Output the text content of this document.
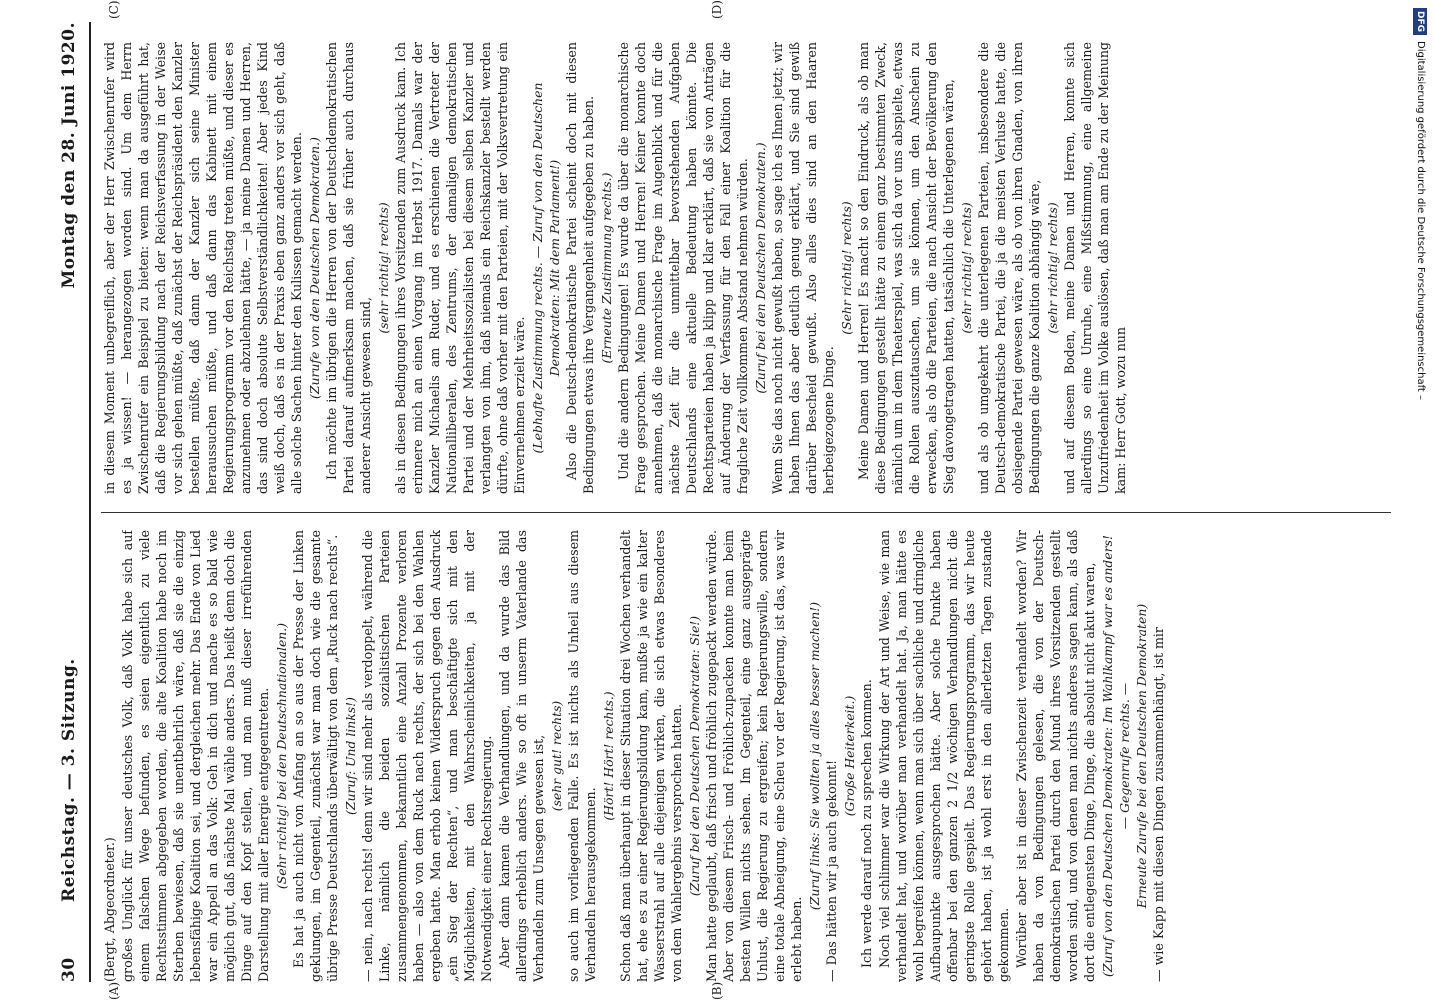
30
Reichstag. — 3. Sitzung.
Montag den 28. Juni 1920.
(A)	(B)
(C)	(D)

(Bergt, Abgeordneter.) großes Unglück für unser deutsches Volk, daß Volk habe sich auf einem falschen Wege befunden, es seien eigentlich zu viele Rechtsstimmen abgegeben worden, die alte Koalition habe noch im Sterben bewiesen, daß sie unentbehrlich wäre, daß sie die einzig lebensfähige Koalition sei, und dergleichen mehr. Das Ende von Lied war ein Appell an das Volk: Geh in dich und mache es so bald wie möglich gut, daß nächste Mal wähle anders. Das heißt denn doch die Dinge auf den Kopf stellen, und man muß dieser irreführenden Darstellung mit aller Energie entgegentreten. (Sehr richtig! bei den Deutschnationalen.) Es hat ja auch nicht von Anfang an so aus der Presse der Linken geklungen, im Gegenteil, zunächst war man doch wie die gesamte übrige Presse Deutschlands überwältigt von dem „Ruck nach rechts“. (Zuruf: Und links!) — nein, nach rechts! denn wir sind mehr als verdoppelt, während die Linke, nämlich die beiden sozialistischen Parteien zusammengenommen, bekanntlich eine Anzahl Prozente verloren haben — also von dem Ruck nach rechts, der sich bei den Wahlen ergeben hatte. Man erhob keinen Widerspruch gegen den Ausdruck „ein Sieg der Rechten“, und man beschäftigte sich mit den Möglichkeiten, mit den Wahrscheinlichkeiten, ja mit der Notwendigkeit einer Rechtsregierung. Aber dann kamen die Verhandlungen, und da wurde das Bild allerdings erheblich anders. Wie so oft in unserm Vaterlande das Verhandeln zum Unsegen gewesen ist, (sehr gut! rechts) so auch im vorliegenden Falle. Es ist nichts als Unheil aus diesem Verhandeln herausgekommen.

(Hört! Hört! rechts.) Schon daß man überhaupt in dieser Situation drei Wochen verhandelt hat, ehe es zu einer Regierungsbildung kam, mußte ja wie ein kalter Wasserstrahl auf alle diejenigen wirken, die sich etwas Besonderes von dem Wahlergebnis versprochen hatten. (Zuruf bei den Deutschen Demokraten: Sie!) Man hatte geglaubt, daß frisch und fröhlich zugepackt werden würde. Aber von diesem Frisch- und Fröhlich-zupacken konnte man beim besten Willen nichts sehen. Im Gegenteil, eine ganz ausgeprägte Unlust, die Regierung zu ergreifen; kein Regierungswille, sondern eine totale Abneigung, eine Scheu vor der Regierung, ist das, was wir erlebt haben.

(Zuruf links: Sie wollten ja alles besser machen!) — Das hätten wir ja auch gekonnt!

(Große Heiterkeit.) Ich werde darauf noch zu sprechen kommen. Noch viel schlimmer war die Wirkung der Art und Weise, wie man verhandelt hat, und worüber man verhandelt hat. Ja, man hätte es wohl begreifen können, wenn man sich über sachliche und dringliche Aufbaupunkte ausgesprochen hätte. Aber solche Punkte haben offenbar bei den ganzen 2 1/2 wöchigen Verhandlungen nicht die geringste Rolle gespielt. Das Regierungsprogramm, das wir heute gehört haben, ist ja wohl erst in den allerletzten Tagen zustande gekommen. Worüber aber ist in dieser Zwischenzeit verhandelt worden? Wir haben da von Bedingungen gelesen, die von der Deutsch-demokratischen Partei durch den Mund ihres Vorsitzenden gestellt worden sind, und von denen man nichts anderes sagen kann, als daß dort die entlegensten Dinge, Dinge, die absolut nicht akut waren, (Zuruf von den Deutschen Demokraten: Im Wahlkampf war es anders! — Gegenrufe rechts. — Erneute Zurufe bei den Deutschen Demokraten) — wie Kapp mit diesen Dingen zusammenhängt, ist mir

in diesem Moment unbegreiflich, aber der Herr Zwischenrufer wird es ja wissen! — herangezogen worden sind. Um dem Herrn Zwischenrufer ein Beispiel zu bieten: wenn man da ausgeführt hat, daß die Regierungsbildung nach der Reichsverfassung in der Weise vor sich gehen müßte, daß zunächst der Reichspräsident den Kanzler bestellen müßte, daß dann der Kanzler sich seine Minister heraussuchen müßte, und daß dann das Kabinett mit einem Regierungsprogramm vor den Reichstag treten müßte, und dieser es anzunehmen oder abzulehnen hätte, — ja meine Damen und Herren, das sind doch absolute Selbstverständlichkeiten! Aber jedes Kind weiß doch, daß es in der Praxis eben ganz anders vor sich geht, daß alle solche Sachen hinter den Kulissen gemacht werden. (Zurufe von den Deutschen Demokraten.) Ich möchte im übrigen die Herren von der Deutschdemokratischen Partei darauf aufmerksam machen, daß sie früher auch durchaus anderer Ansicht gewesen sind,

(sehr richtig! rechts) als in diesen Bedingungen ihres Vorsitzenden zum Ausdruck kam. Ich erinnere mich an einen Vorgang im Herbst 1917. Damals war der Kanzler Michaelis am Ruder, und es erschienen die Vertreter der Nationalliberalen, des Zentrums, der damaligen demokratischen Partei und der Mehrheitssozialisten bei diesem selben Kanzler und verlangten von ihm, daß niemals ein Reichskanzler bestellt werden dürfte, ohne daß vorher mit den Parteien, mit der Volksvertretung ein Einvernehmen erzielt wäre. (Lebhafte Zustimmung rechts. — Zuruf von den Deutschen Demokraten: Mit dem Parlament!) Also die Deutsch-demokratische Partei scheint doch mit diesen Bedingungen etwas ihre Vergangenheit aufgegeben zu haben. (Erneute Zustimmung rechts.) Und die andern Bedingungen! Es wurde da über die monarchische Frage gesprochen. Meine Damen und Herren! Keiner konnte doch annehmen, daß die monarchische Frage im Augenblick und für die nächste Zeit für die unmittelbar bevorstehenden Aufgaben Deutschlands eine aktuelle Bedeutung haben könnte. Die Rechtsparteien haben ja klipp und klar erklärt, daß sie von Anträgen auf Änderung der Verfassung für den Fall einer Koalition für die fragliche Zeit vollkommen Abstand nehmen würden. (Zuruf bei den Deutschen Demokraten.) Wenn Sie das noch nicht gewußt haben, so sage ich es Ihnen jetzt; wir haben Ihnen das aber deutlich genug erklärt, und Sie sind gewiß darüber Bescheid gewußt. Also alles dies sind an den Haaren herbeigezogene Dinge.

(Sehr richtig! rechts) Meine Damen und Herren! Es macht so den Eindruck, als ob man diese Bedingungen gestellt hätte zu einem ganz bestimmten Zweck, nämlich um in dem Theaterspiel, was sich da vor uns abspielte, etwas die Rollen auszutauschen, um sie können, um den Anschein zu erwecken, als ob die Parteien, die nach Ansicht der Bevölkerung den Sieg davongetragen hatten, tatsächlich die Unterlegenen wären, (sehr richtig! rechts) und als ob umgekehrt die unterlegenen Parteien, insbesondere die Deutsch-demokratische Partei, die ja die meisten Verluste hatte, die obsiegende Partei gewesen wäre, als ob von ihren Gnaden, von ihren Bedingungen die ganze Koalition abhängig wäre, (sehr richtig! rechts) und auf diesem Boden, meine Damen und Herren, konnte sich allerdings so eine Unruhe, eine Mißstimmung, eine allgemeine Unzufriedenheit im Volke auslösen, daß man am Ende zu der Meinung kam: Herr Gott, wozu nun

DFGDigitalisierung gefördert durch die Deutsche Forschungsgemeinschaft –
